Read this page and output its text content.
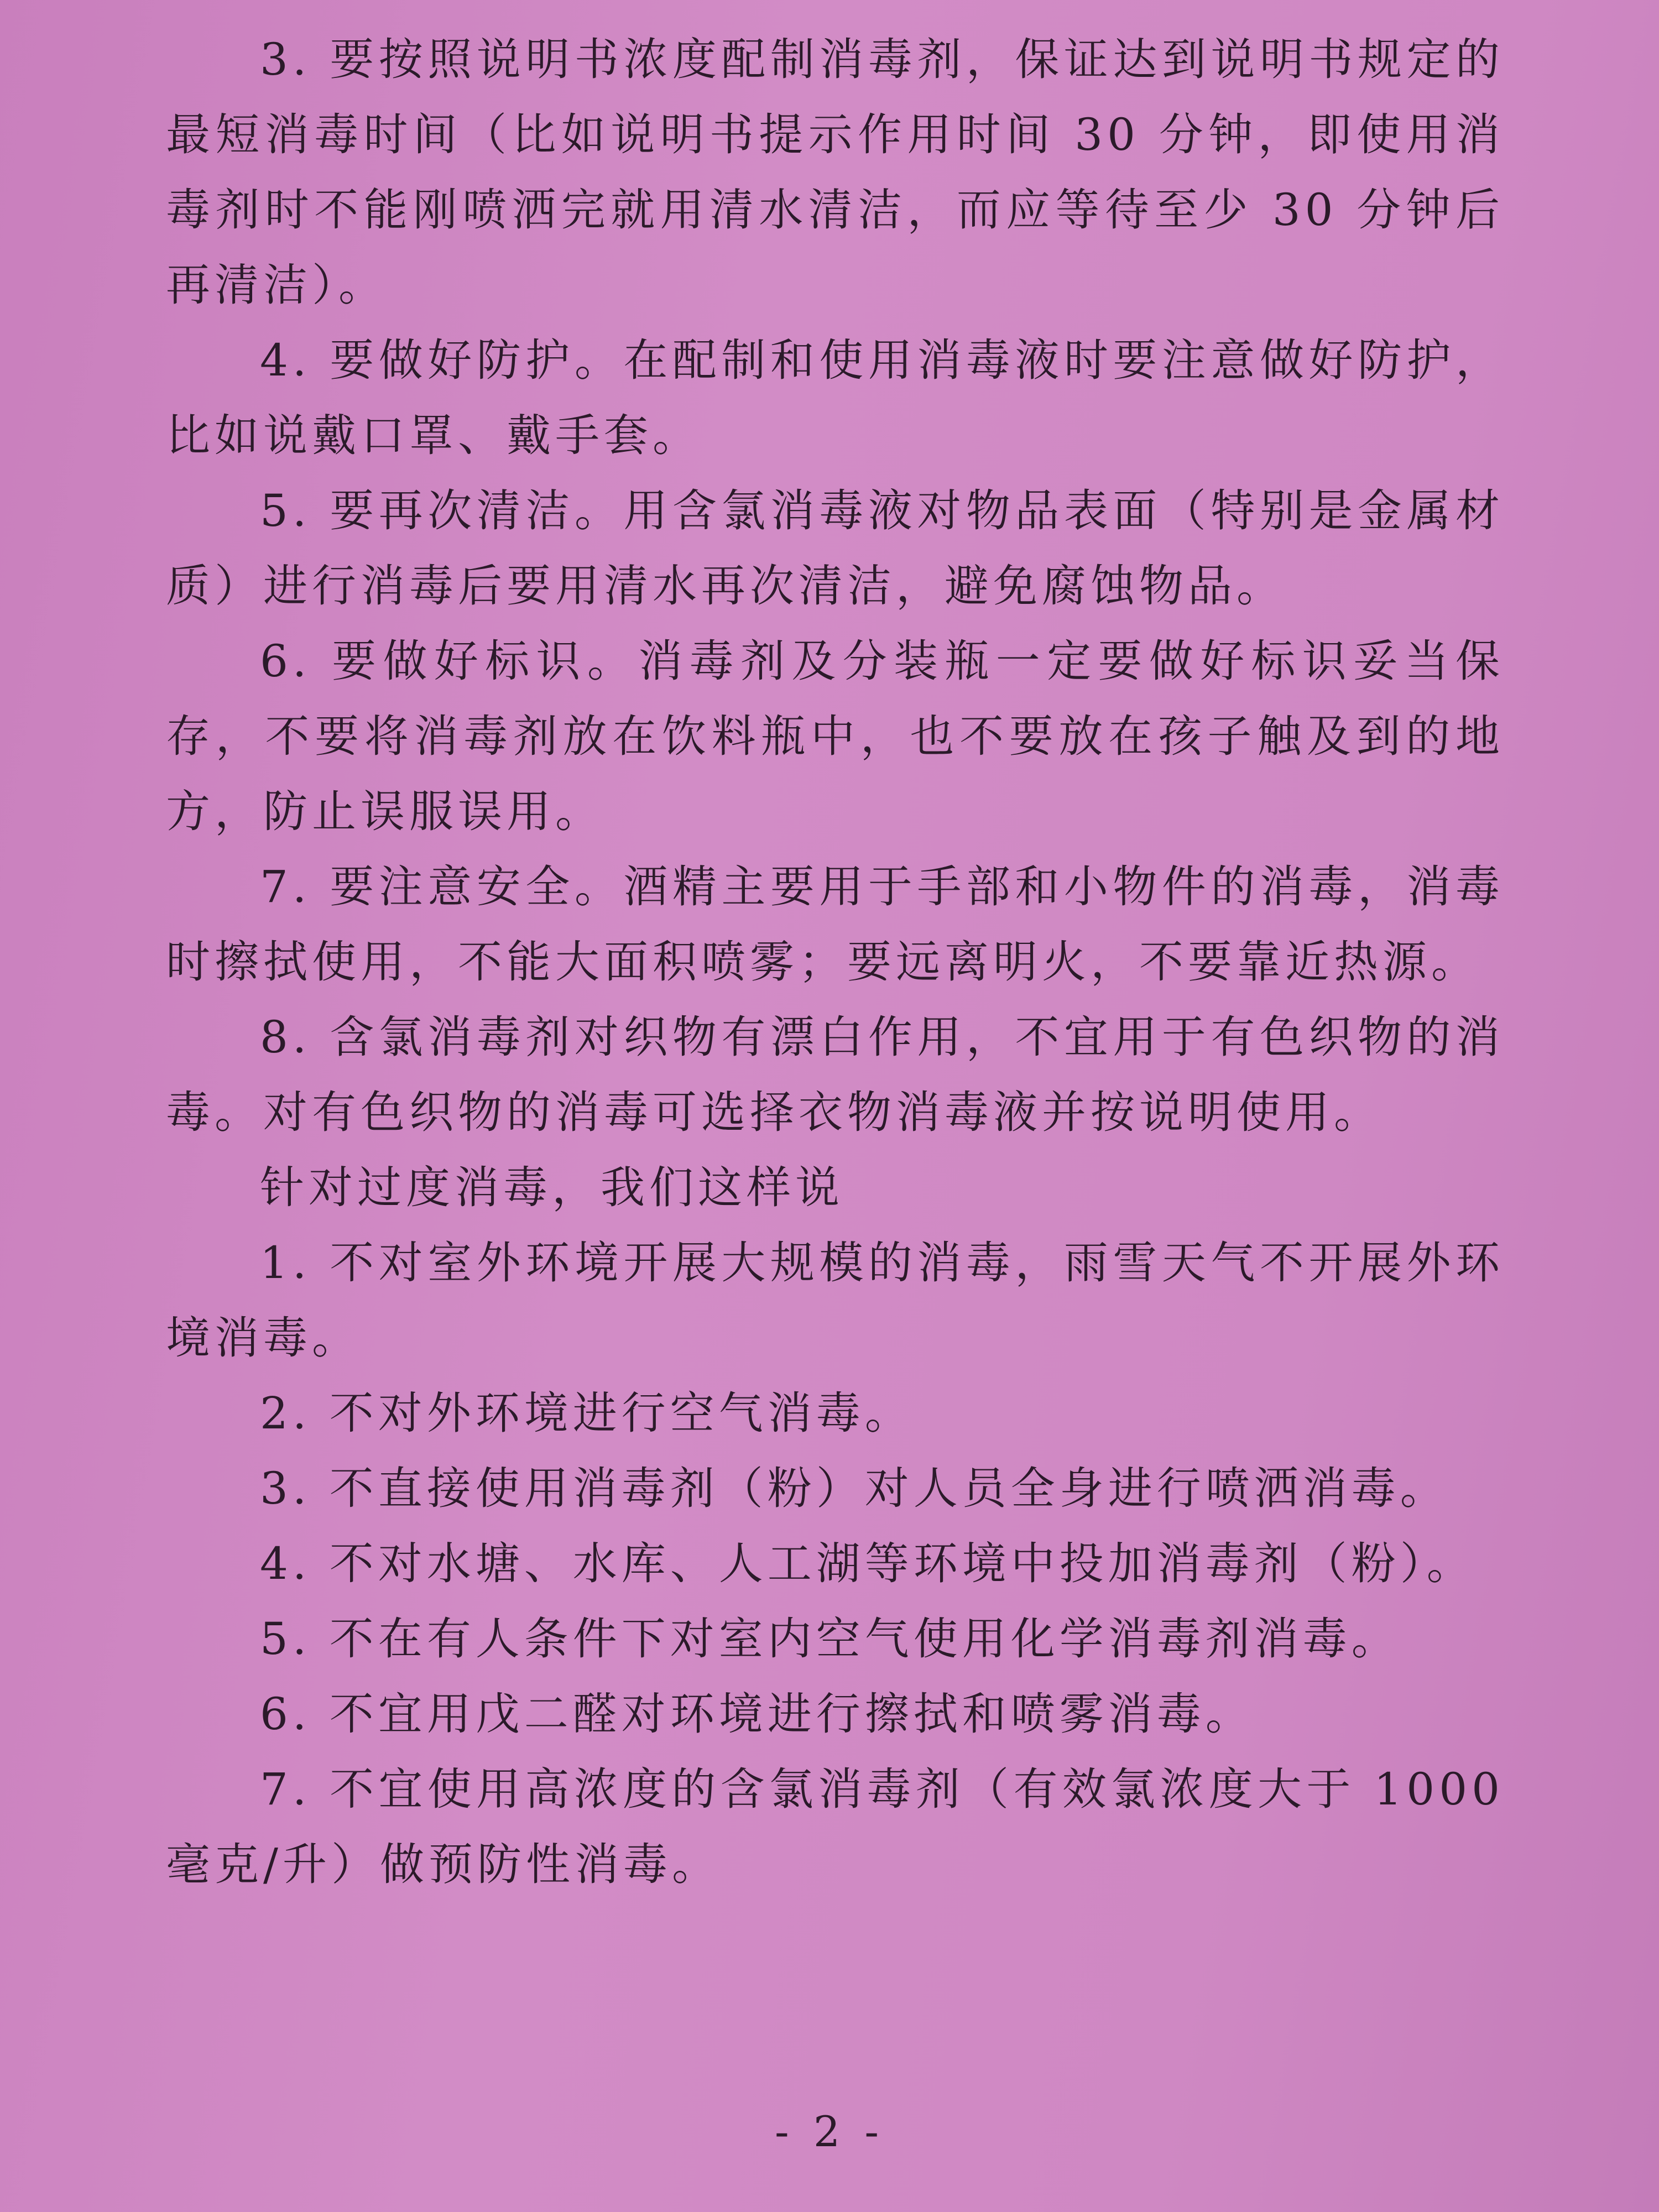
3. 要按照说明书浓度配制消毒剂，保证达到说明书规定的最短消毒时间（比如说明书提示作用时间 30 分钟，即使用消毒剂时不能刚喷洒完就用清水清洁，而应等待至少 30 分钟后再清洁）。

4. 要做好防护。在配制和使用消毒液时要注意做好防护，比如说戴口罩、戴手套。

5. 要再次清洁。用含氯消毒液对物品表面（特别是金属材质）进行消毒后要用清水再次清洁，避免腐蚀物品。

6. 要做好标识。消毒剂及分装瓶一定要做好标识妥当保存，不要将消毒剂放在饮料瓶中，也不要放在孩子触及到的地方，防止误服误用。

7. 要注意安全。酒精主要用于手部和小物件的消毒，消毒时擦拭使用，不能大面积喷雾；要远离明火，不要靠近热源。

8. 含氯消毒剂对织物有漂白作用，不宜用于有色织物的消毒。对有色织物的消毒可选择衣物消毒液并按说明使用。

针对过度消毒，我们这样说

1. 不对室外环境开展大规模的消毒，雨雪天气不开展外环境消毒。

2. 不对外环境进行空气消毒。

3. 不直接使用消毒剂（粉）对人员全身进行喷洒消毒。

4. 不对水塘、水库、人工湖等环境中投加消毒剂（粉）。

5. 不在有人条件下对室内空气使用化学消毒剂消毒。

6. 不宜用戊二醛对环境进行擦拭和喷雾消毒。

7. 不宜使用高浓度的含氯消毒剂（有效氯浓度大于 1000 毫克/升）做预防性消毒。

- 2 -
